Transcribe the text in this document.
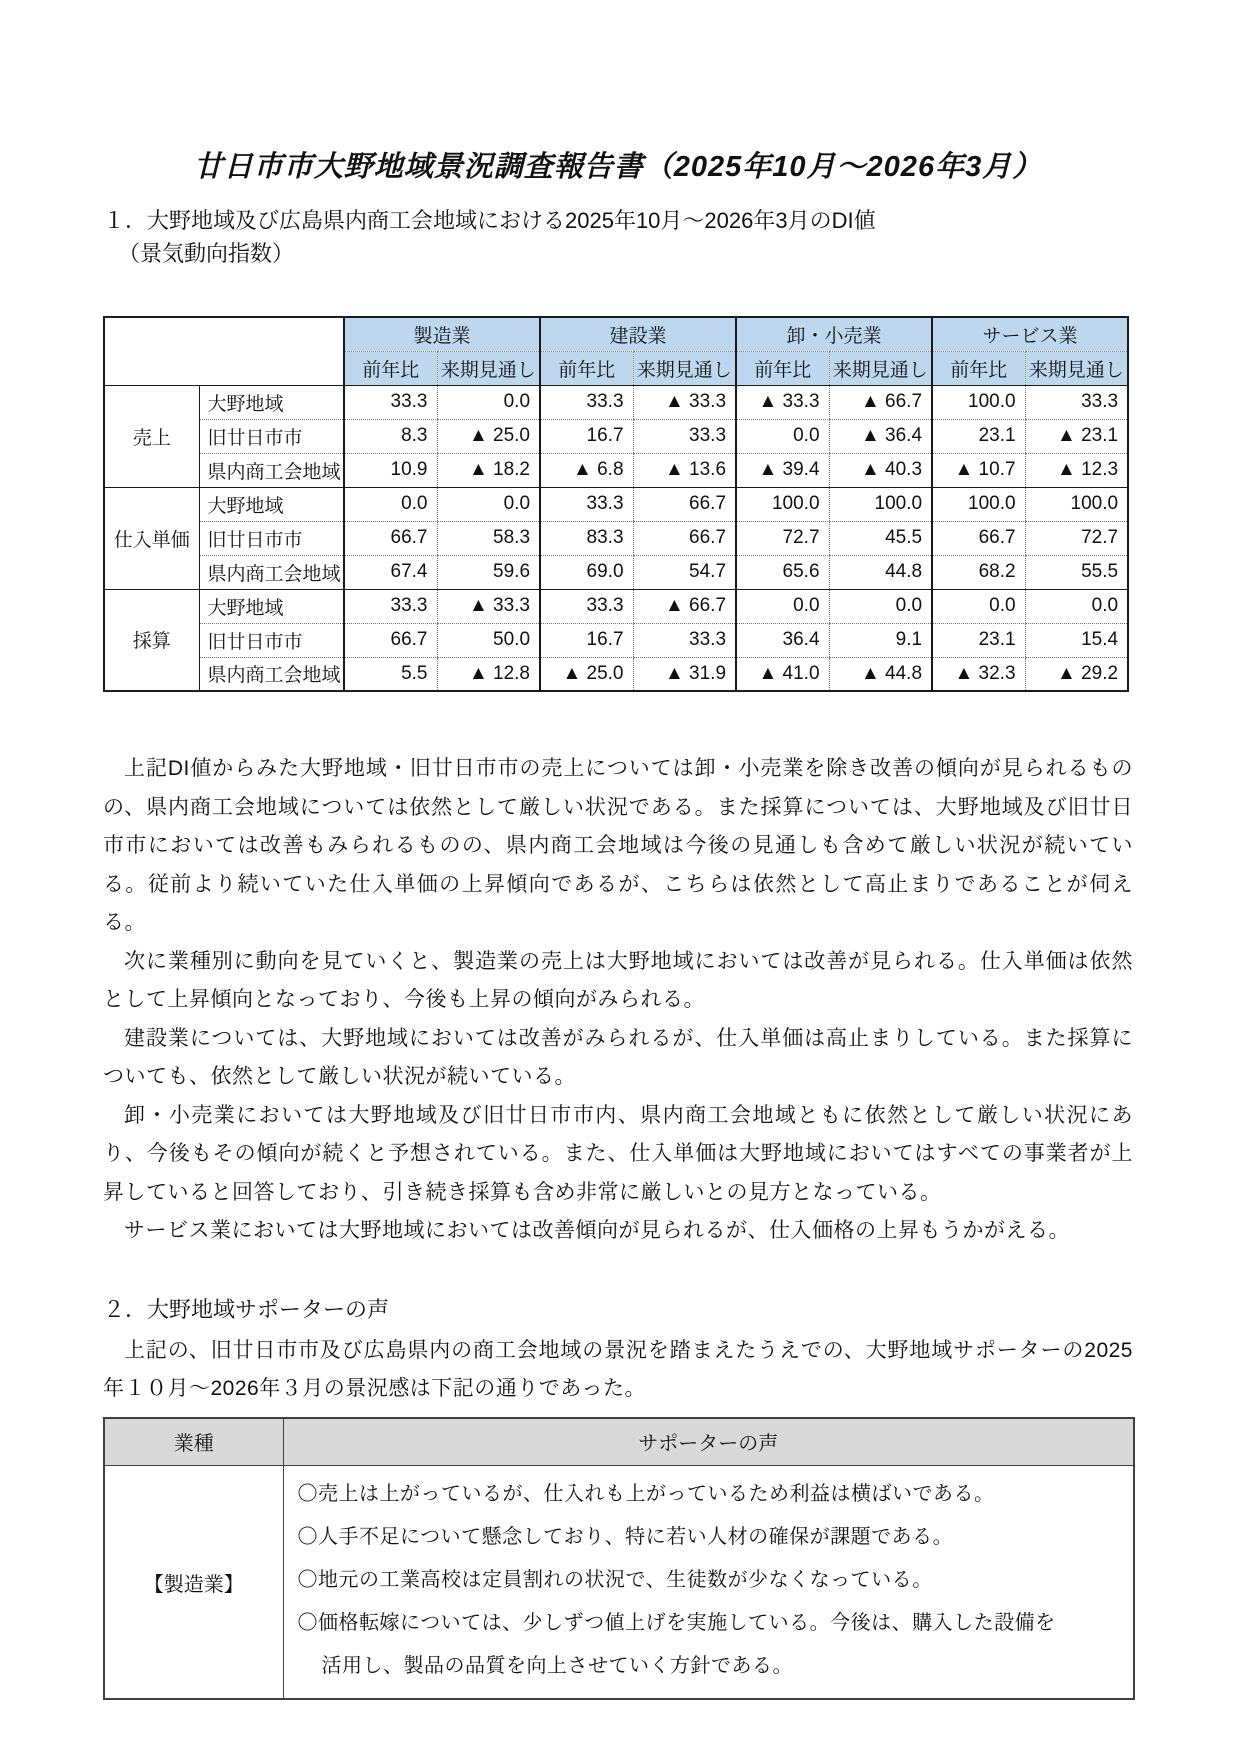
廿日市市大野地域景況調査報告書（2025年10月～2026年3月）
１．大野地域及び広島県内商工会地域における2025年10月～2026年3月のDI値
（景気動向指数）
		製造業		建設業		卸・小売業		サービス業	
		前年比	来期見通し	前年比	来期見通し	前年比	来期見通し	前年比	来期見通し
売上	大野地域	33.3	0.0	33.3	▲ 33.3	▲ 33.3	▲ 66.7	100.0	33.3
	旧廿日市市	8.3	▲ 25.0	16.7	33.3	0.0	▲ 36.4	23.1	▲ 23.1
	県内商工会地域	10.9	▲ 18.2	▲ 6.8	▲ 13.6	▲ 39.4	▲ 40.3	▲ 10.7	▲ 12.3
仕入単価	大野地域	0.0	0.0	33.3	66.7	100.0	100.0	100.0	100.0
	旧廿日市市	66.7	58.3	83.3	66.7	72.7	45.5	66.7	72.7
	県内商工会地域	67.4	59.6	69.0	54.7	65.6	44.8	68.2	55.5
採算	大野地域	33.3	▲ 33.3	33.3	▲ 66.7	0.0	0.0	0.0	0.0
	旧廿日市市	66.7	50.0	16.7	33.3	36.4	9.1	23.1	15.4
	県内商工会地域	5.5	▲ 12.8	▲ 25.0	▲ 31.9	▲ 41.0	▲ 44.8	▲ 32.3	▲ 29.2

上記DI値からみた大野地域・旧廿日市市の売上については卸・小売業を除き改善の傾向が見られるものの、県内商工会地域については依然として厳しい状況である。また採算については、大野地域及び旧廿日市市においては改善もみられるものの、県内商工会地域は今後の見通しも含めて厳しい状況が続いている。従前より続いていた仕入単価の上昇傾向であるが、こちらは依然として高止まりであることが伺える。

次に業種別に動向を見ていくと、製造業の売上は大野地域においては改善が見られる。仕入単価は依然として上昇傾向となっており、今後も上昇の傾向がみられる。

建設業については、大野地域においては改善がみられるが、仕入単価は高止まりしている。また採算についても、依然として厳しい状況が続いている。

卸・小売業においては大野地域及び旧廿日市市内、県内商工会地域ともに依然として厳しい状況にあり、今後もその傾向が続くと予想されている。また、仕入単価は大野地域においてはすべての事業者が上昇していると回答しており、引き続き採算も含め非常に厳しいとの見方となっている。

サービス業においては大野地域においては改善傾向が見られるが、仕入価格の上昇もうかがえる。

２．大野地域サポーターの声

上記の、旧廿日市市及び広島県内の商工会地域の景況を踏まえたうえでの、大野地域サポーターの2025年１０月～2026年３月の景況感は下記の通りであった。

業種	サポーターの声
【製造業】	〇売上は上がっているが、仕入れも上がっているため利益は横ばいである。
〇人手不足について懸念しており、特に若い人材の確保が課題である。
〇地元の工業高校は定員割れの状況で、生徒数が少なくなっている。
〇価格転嫁については、少しずつ値上げを実施している。今後は、購入した設備を
活用し、製品の品質を向上させていく方針である。
